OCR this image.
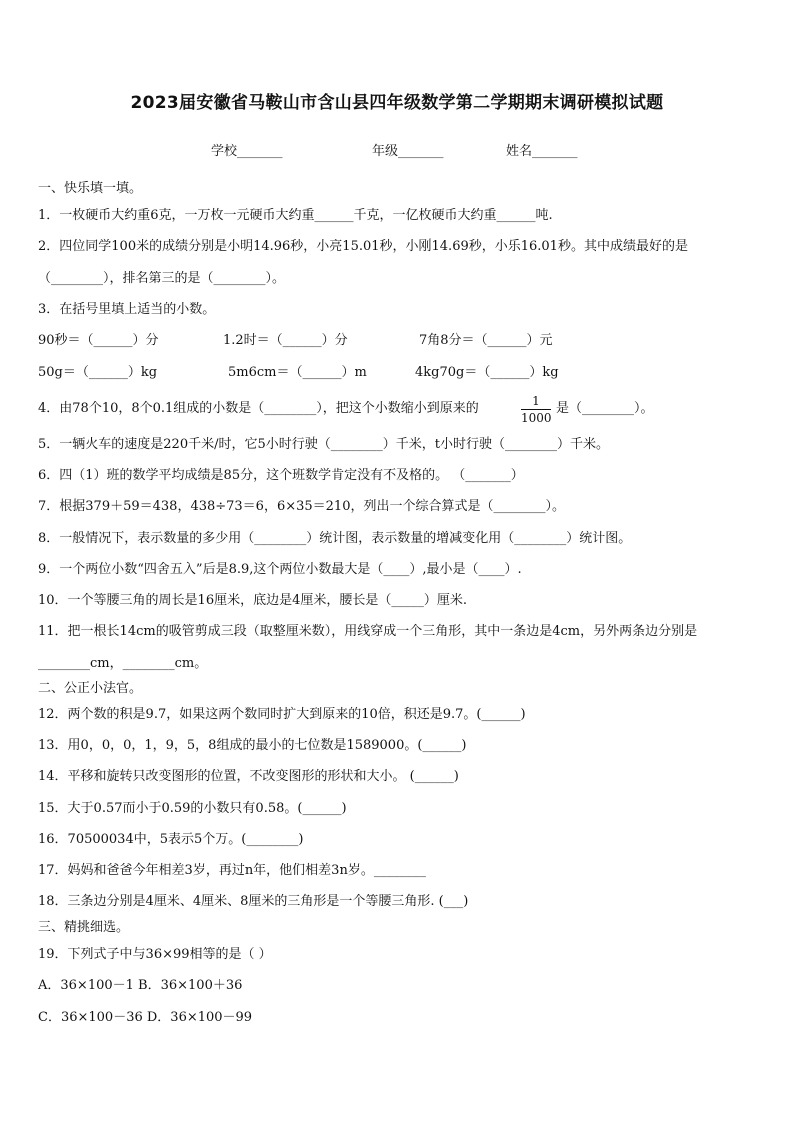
2023届安徽省马鞍山市含山县四年级数学第二学期期末调研模拟试题
学校_______	年级_______	姓名_______
一、快乐填一填。
1．一枚硬币大约重6克，一万枚一元硬币大约重______千克，一亿枚硬币大约重______吨.
2．四位同学100米的成绩分别是小明14.96秒，小亮15.01秒，小刚14.69秒，小乐16.01秒。其中成绩最好的是
（________），排名第三的是（________）。
3．在括号里填上适当的小数。
90秒＝（______）分	1.2时＝（______）分	7角8分＝（______）元
50g＝（______）kg	5m6cm＝（______）m	4kg70g＝（______）kg
4．由78个10，8个0.1组成的小数是（________），把这个小数缩小到原来的	1
1000
是（________）。
5．一辆火车的速度是220千米/时，它5小时行驶（________）千米，t小时行驶（________）千米。
6．四（1）班的数学平均成绩是85分，这个班数学肯定没有不及格的。 （_______）
7．根据379＋59＝438，438÷73＝6，6×35＝210，列出一个综合算式是（________）。
8．一般情况下，表示数量的多少用（________）统计图，表示数量的增减变化用（________）统计图。
9．一个两位小数“四舍五入”后是8.9,这个两位小数最大是（____）,最小是（____）.
10．一个等腰三角的周长是16厘米，底边是4厘米，腰长是（_____）厘米.
11．把一根长14cm的吸管剪成三段（取整厘米数），用线穿成一个三角形，其中一条边是4cm，另外两条边分别是
________cm，________cm。
二、公正小法官。
12．两个数的积是9.7，如果这两个数同时扩大到原来的10倍，积还是9.7。(______)
13．用0，0，0，1，9，5，8组成的最小的七位数是1589000。(______)
14．平移和旋转只改变图形的位置，不改变图形的形状和大小。 (______)
15．大于0.57而小于0.59的小数只有0.58。(______)
16．70500034中，5表示5个万。(________)
17．妈妈和爸爸今年相差3岁，再过n年，他们相差3n岁。________
18．三条边分别是4厘米、4厘米、8厘米的三角形是一个等腰三角形. (___)
三、精挑细选。
19．下列式子中与36×99相等的是（ ）
A．36×100－1 B．36×100＋36
C．36×100－36 D．36×100－99
